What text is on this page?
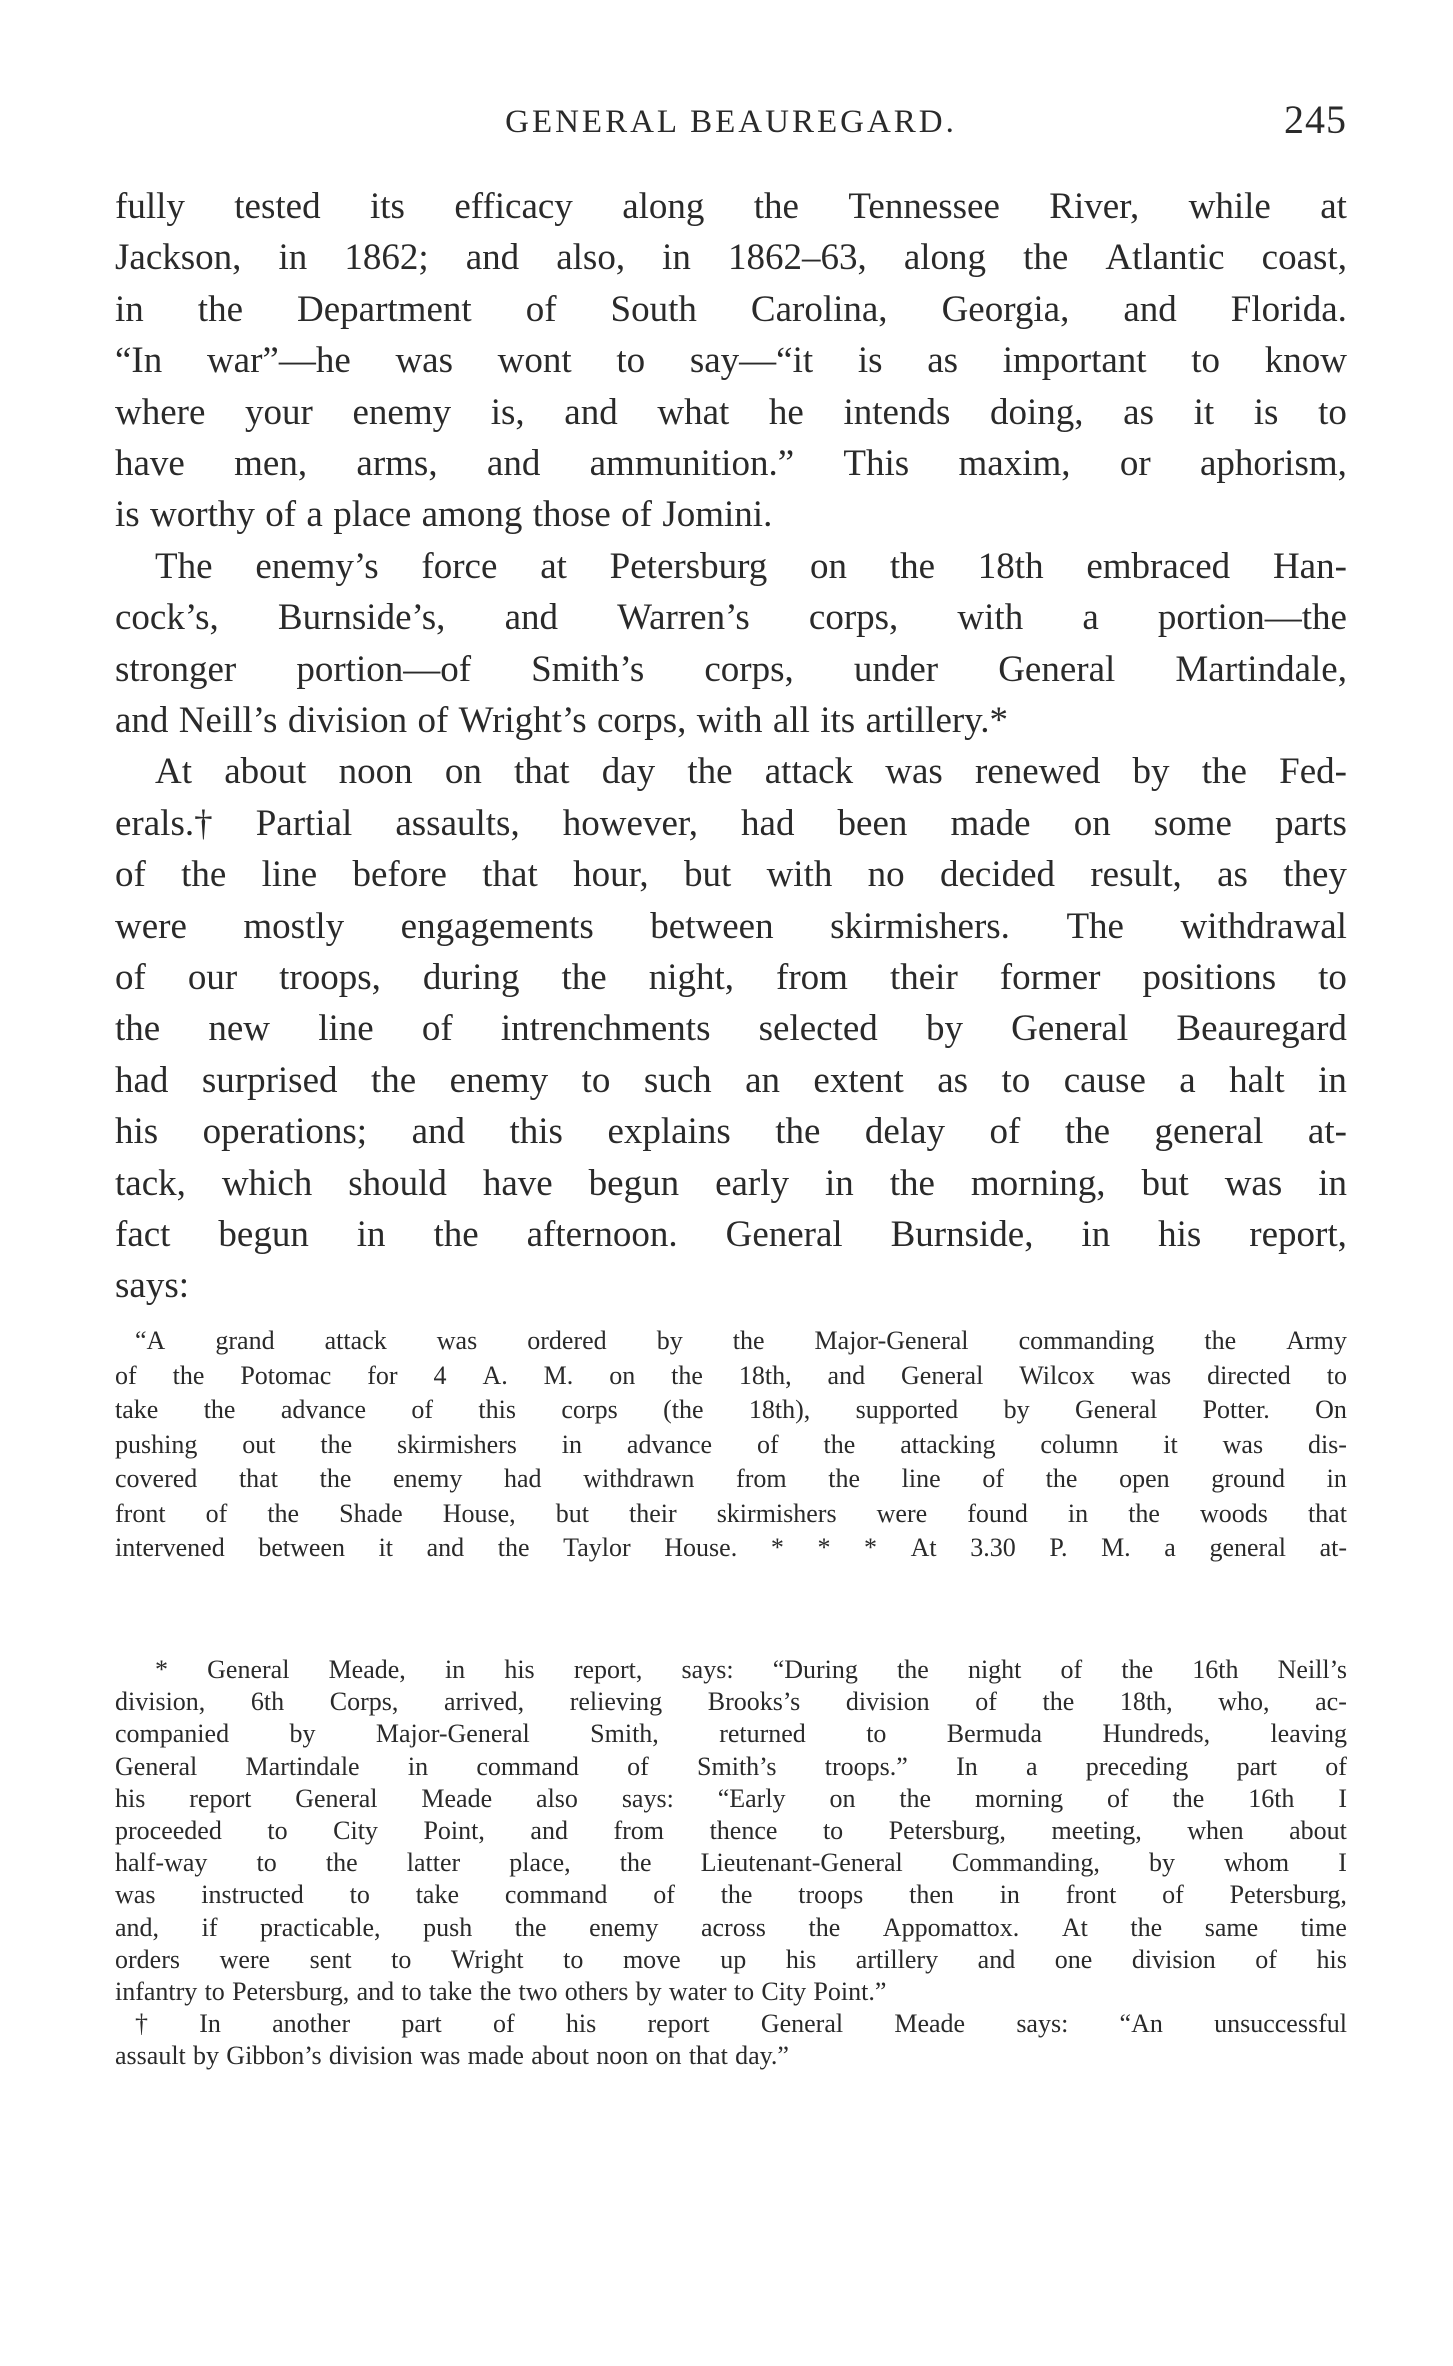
GENERAL BEAUREGARD.	245
fully tested its efficacy along the Tennessee River, while at
Jackson, in 1862; and also, in 1862–63, along the Atlantic coast,
in the Department of South Carolina, Georgia, and Florida.
“In war”—he was wont to say—“it is as important to know
where your enemy is, and what he intends doing, as it is to
have men, arms, and ammunition.” This maxim, or aphorism,
is worthy of a place among those of Jomini.
The enemy’s force at Petersburg on the 18th embraced Han-
cock’s, Burnside’s, and Warren’s corps, with a portion—the
stronger portion—of Smith’s corps, under General Martindale,
and Neill’s division of Wright’s corps, with all its artillery.*
At about noon on that day the attack was renewed by the Fed-
erals.† Partial assaults, however, had been made on some parts
of the line before that hour, but with no decided result, as they
were mostly engagements between skirmishers. The withdrawal
of our troops, during the night, from their former positions to
the new line of intrenchments selected by General Beauregard
had surprised the enemy to such an extent as to cause a halt in
his operations; and this explains the delay of the general at-
tack, which should have begun early in the morning, but was in
fact begun in the afternoon. General Burnside, in his report,
says:
“A grand attack was ordered by the Major-General commanding the Army
of the Potomac for 4 A. M. on the 18th, and General Wilcox was directed to
take the advance of this corps (the 18th), supported by General Potter. On
pushing out the skirmishers in advance of the attacking column it was dis-
covered that the enemy had withdrawn from the line of the open ground in
front of the Shade House, but their skirmishers were found in the woods that
intervened between it and the Taylor House. * * * At 3.30 P. M. a general at-
* General Meade, in his report, says: “During the night of the 16th Neill’s
division, 6th Corps, arrived, relieving Brooks’s division of the 18th, who, ac-
companied by Major-General Smith, returned to Bermuda Hundreds, leaving
General Martindale in command of Smith’s troops.” In a preceding part of
his report General Meade also says: “Early on the morning of the 16th I
proceeded to City Point, and from thence to Petersburg, meeting, when about
half-way to the latter place, the Lieutenant-General Commanding, by whom I
was instructed to take command of the troops then in front of Petersburg,
and, if practicable, push the enemy across the Appomattox. At the same time
orders were sent to Wright to move up his artillery and one division of his
infantry to Petersburg, and to take the two others by water to City Point.”
† In another part of his report General Meade says: “An unsuccessful
assault by Gibbon’s division was made about noon on that day.”
